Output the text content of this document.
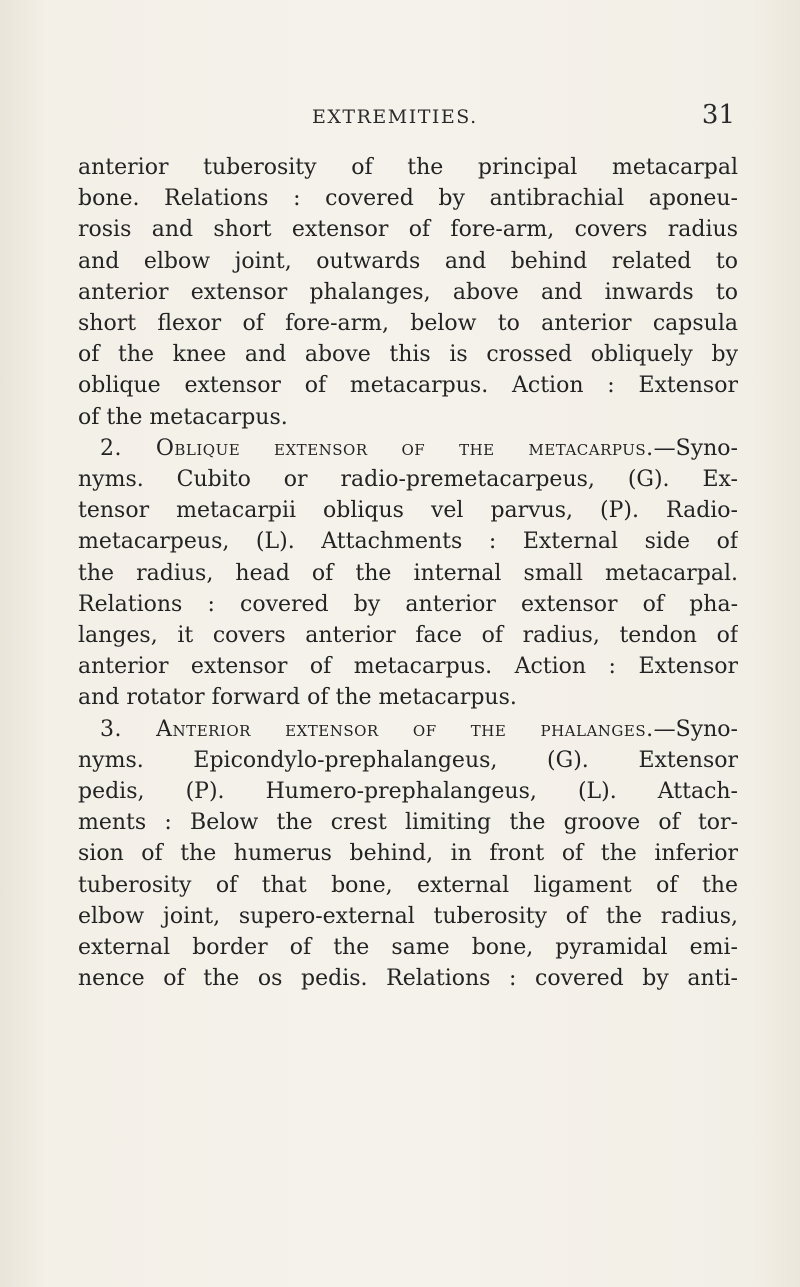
EXTREMITIES.	31
anterior tuberosity of the principal metacarpal
bone. Relations : covered by antibrachial aponeu-
rosis and short extensor of fore-arm, covers radius
and elbow joint, outwards and behind related to
anterior extensor phalanges, above and inwards to
short flexor of fore-arm, below to anterior capsula
of the knee and above this is crossed obliquely by
oblique extensor of metacarpus. Action : Extensor
of the metacarpus.
2. Oblique extensor of the metacarpus.—Syno-
nyms. Cubito or radio-premetacarpeus, (G). Ex-
tensor metacarpii obliqus vel parvus, (P). Radio-
metacarpeus, (L). Attachments : External side of
the radius, head of the internal small metacarpal.
Relations : covered by anterior extensor of pha-
langes, it covers anterior face of radius, tendon of
anterior extensor of metacarpus. Action : Extensor
and rotator forward of the metacarpus.
3. Anterior extensor of the phalanges.—Syno-
nyms. Epicondylo-prephalangeus, (G). Extensor
pedis, (P). Humero-prephalangeus, (L). Attach-
ments : Below the crest limiting the groove of tor-
sion of the humerus behind, in front of the inferior
tuberosity of that bone, external ligament of the
elbow joint, supero-external tuberosity of the radius,
external border of the same bone, pyramidal emi-
nence of the os pedis. Relations : covered by anti-
